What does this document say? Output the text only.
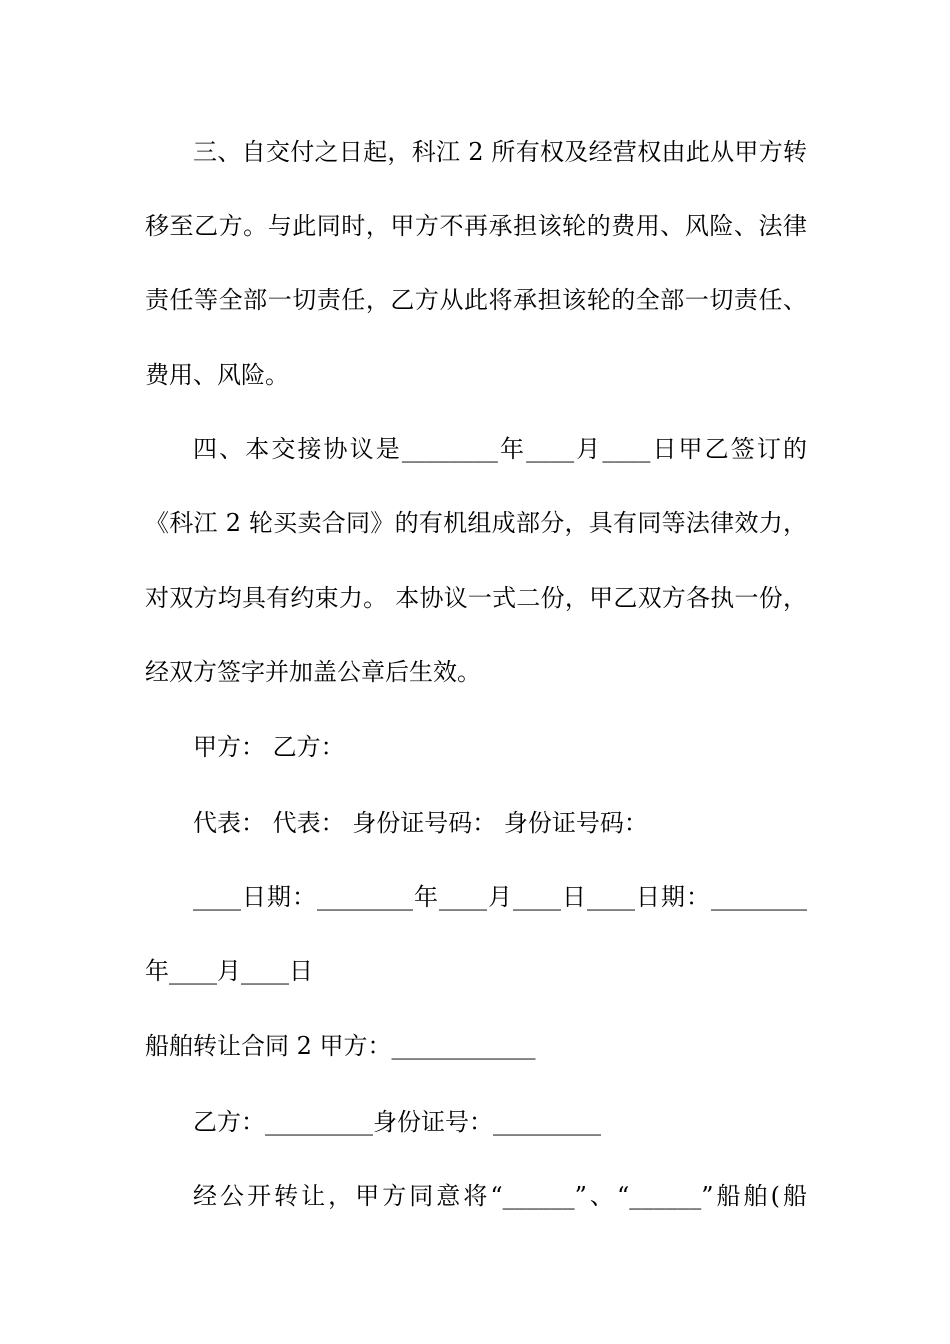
三、自交付之日起，科江 2 所有权及经营权由此从甲方转
移至乙方。与此同时，甲方不再承担该轮的费用、风险、法律
责任等全部一切责任，乙方从此将承担该轮的全部一切责任、
费用、风险。
四、本交接协议是________年____月____日甲乙签订的
《科江 2 轮买卖合同》的有机组成部分，具有同等法律效力，
对双方均具有约束力。 本协议一式二份，甲乙双方各执一份，
经双方签字并加盖公章后生效。
甲方： 乙方：
代表： 代表： 身份证号码： 身份证号码：
____日期：________年____月____日____日期：________
年____月____日
船舶转让合同 2 甲方：____________
乙方：_________身份证号：_________
经公开转让，甲方同意将“______”、“______”船舶(船
